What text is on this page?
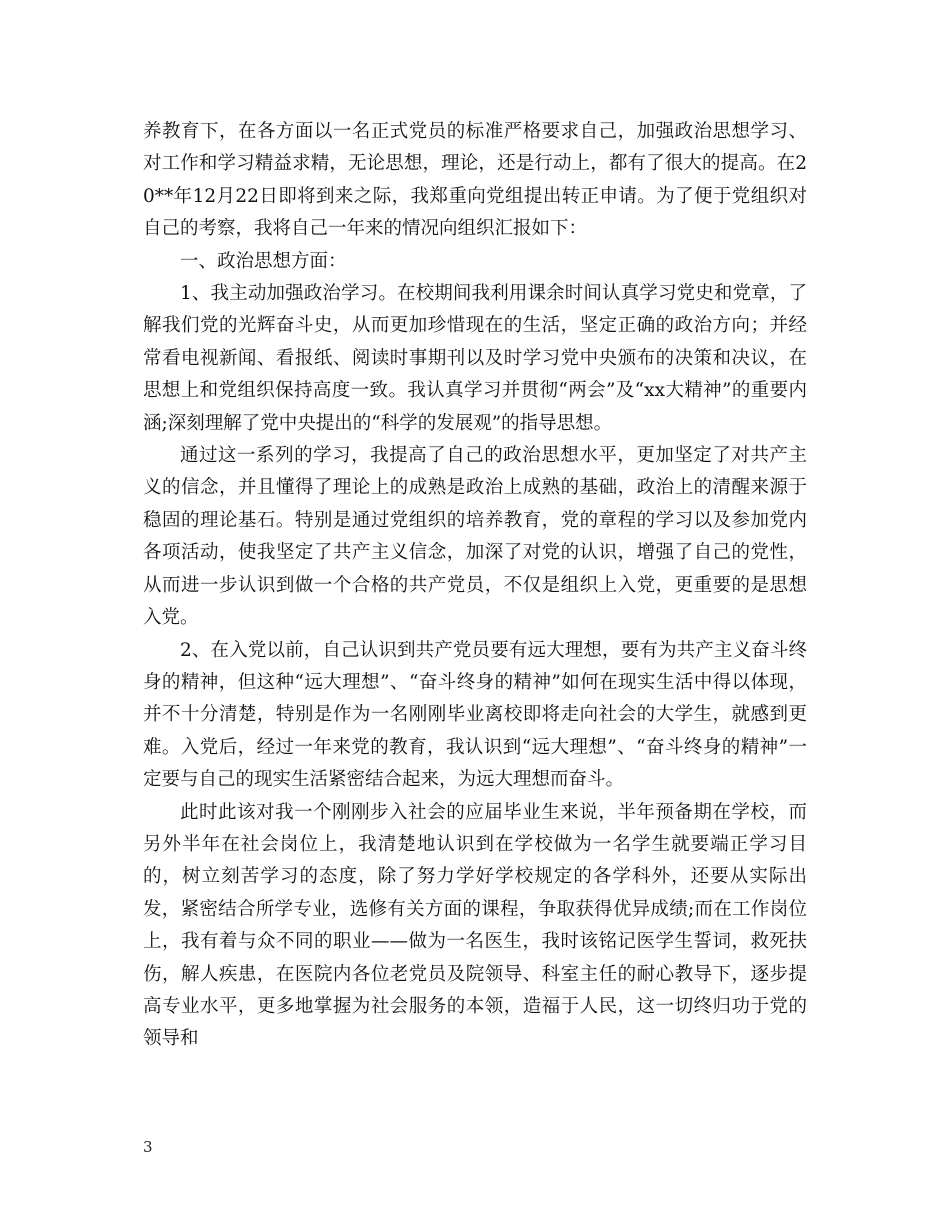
养教育下，在各方面以一名正式党员的标准严格要求自己，加强政治思想学习、对工作和学习精益求精，无论思想，理论，还是行动上，都有了很大的提高。在20**年12月22日即将到来之际，我郑重向党组提出转正申请。为了便于党组织对自己的考察，我将自己一年来的情况向组织汇报如下：

一、政治思想方面：

1、我主动加强政治学习。在校期间我利用课余时间认真学习党史和党章，了解我们党的光辉奋斗史，从而更加珍惜现在的生活，坚定正确的政治方向；并经常看电视新闻、看报纸、阅读时事期刊以及时学习党中央颁布的决策和决议，在思想上和党组织保持高度一致。我认真学习并贯彻“两会”及“xx大精神”的重要内涵;深刻理解了党中央提出的“科学的发展观”的指导思想。

通过这一系列的学习，我提高了自己的政治思想水平，更加坚定了对共产主义的信念，并且懂得了理论上的成熟是政治上成熟的基础，政治上的清醒来源于稳固的理论基石。特别是通过党组织的培养教育，党的章程的学习以及参加党内各项活动，使我坚定了共产主义信念，加深了对党的认识，增强了自己的党性，从而进一步认识到做一个合格的共产党员，不仅是组织上入党，更重要的是思想入党。

2、在入党以前，自己认识到共产党员要有远大理想，要有为共产主义奋斗终身的精神，但这种“远大理想”、“奋斗终身的精神”如何在现实生活中得以体现，并不十分清楚，特别是作为一名刚刚毕业离校即将走向社会的大学生，就感到更难。入党后，经过一年来党的教育，我认识到“远大理想”、“奋斗终身的精神”一定要与自己的现实生活紧密结合起来，为远大理想而奋斗。

此时此该对我一个刚刚步入社会的应届毕业生来说，半年预备期在学校，而另外半年在社会岗位上，我清楚地认识到在学校做为一名学生就要端正学习目的，树立刻苦学习的态度，除了努力学好学校规定的各学科外，还要从实际出发，紧密结合所学专业，选修有关方面的课程，争取获得优异成绩;而在工作岗位上，我有着与众不同的职业——做为一名医生，我时该铭记医学生誓词，救死扶伤，解人疾患，在医院内各位老党员及院领导、科室主任的耐心教导下，逐步提高专业水平，更多地掌握为社会服务的本领，造福于人民，这一切终归功于党的领导和

3
